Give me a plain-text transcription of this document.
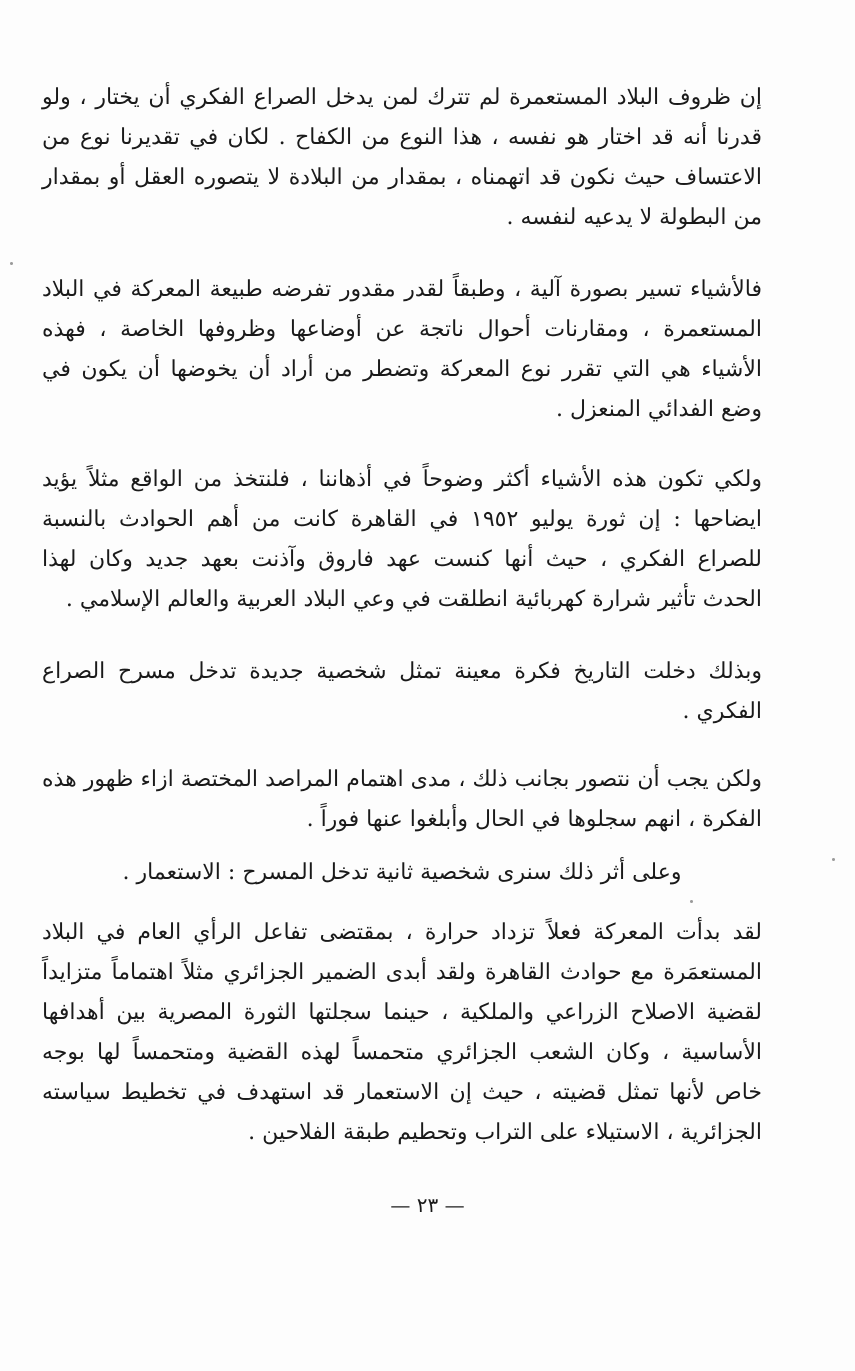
إن ظروف البلاد المستعمرة لم تترك لمن يدخل الصراع الفكري أن يختار ، ولو قدرنا أنه قد اختار هو نفسه ، هذا النوع من الكفاح . لكان في تقديرنا نوع من الاعتساف حيث نكون قد اتهمناه ، بمقدار من البلادة لا يتصوره العقل أو بمقدار من البطولة لا يدعيه لنفسه .

فالأشياء تسير بصورة آلية ، وطبقاً لقدر مقدور تفرضه طبيعة المعركة في البلاد المستعمرة ، ومقارنات أحوال ناتجة عن أوضاعها وظروفها الخاصة ، فهذه الأشياء هي التي تقرر نوع المعركة وتضطر من أراد أن يخوضها أن يكون في وضع الفدائي المنعزل .

ولكي تكون هذه الأشياء أكثر وضوحاً في أذهاننا ، فلنتخذ من الواقع مثلاً يؤيد ايضاحها : إن ثورة يوليو ١٩٥٢ في القاهرة كانت من أهم الحوادث بالنسبة للصراع الفكري ، حيث أنها كنست عهد فاروق وآذنت بعهد جديد وكان لهذا الحدث تأثير شرارة كهربائية انطلقت في وعي البلاد العربية والعالم الإسلامي .

وبذلك دخلت التاريخ فكرة معينة تمثل شخصية جديدة تدخل مسرح الصراع الفكري .

ولكن يجب أن نتصور بجانب ذلك ، مدى اهتمام المراصد المختصة ازاء ظهور هذه الفكرة ، انهم سجلوها في الحال وأبلغوا عنها فوراً .

وعلى أثر ذلك سنرى شخصية ثانية تدخل المسرح : الاستعمار .

لقد بدأت المعركة فعلاً تزداد حرارة ، بمقتضى تفاعل الرأي العام في البلاد المستعمَرة مع حوادث القاهرة ولقد أبدى الضمير الجزائري مثلاً اهتماماً متزايداً لقضية الاصلاح الزراعي والملكية ، حينما سجلتها الثورة المصرية بين أهدافها الأساسية ، وكان الشعب الجزائري متحمساً لهذه القضية ومتحمساً لها بوجه خاص لأنها تمثل قضيته ، حيث إن الاستعمار قد استهدف في تخطيط سياسته الجزائرية ، الاستيلاء على التراب وتحطيم طبقة الفلاحين .

— ٢٣ —
